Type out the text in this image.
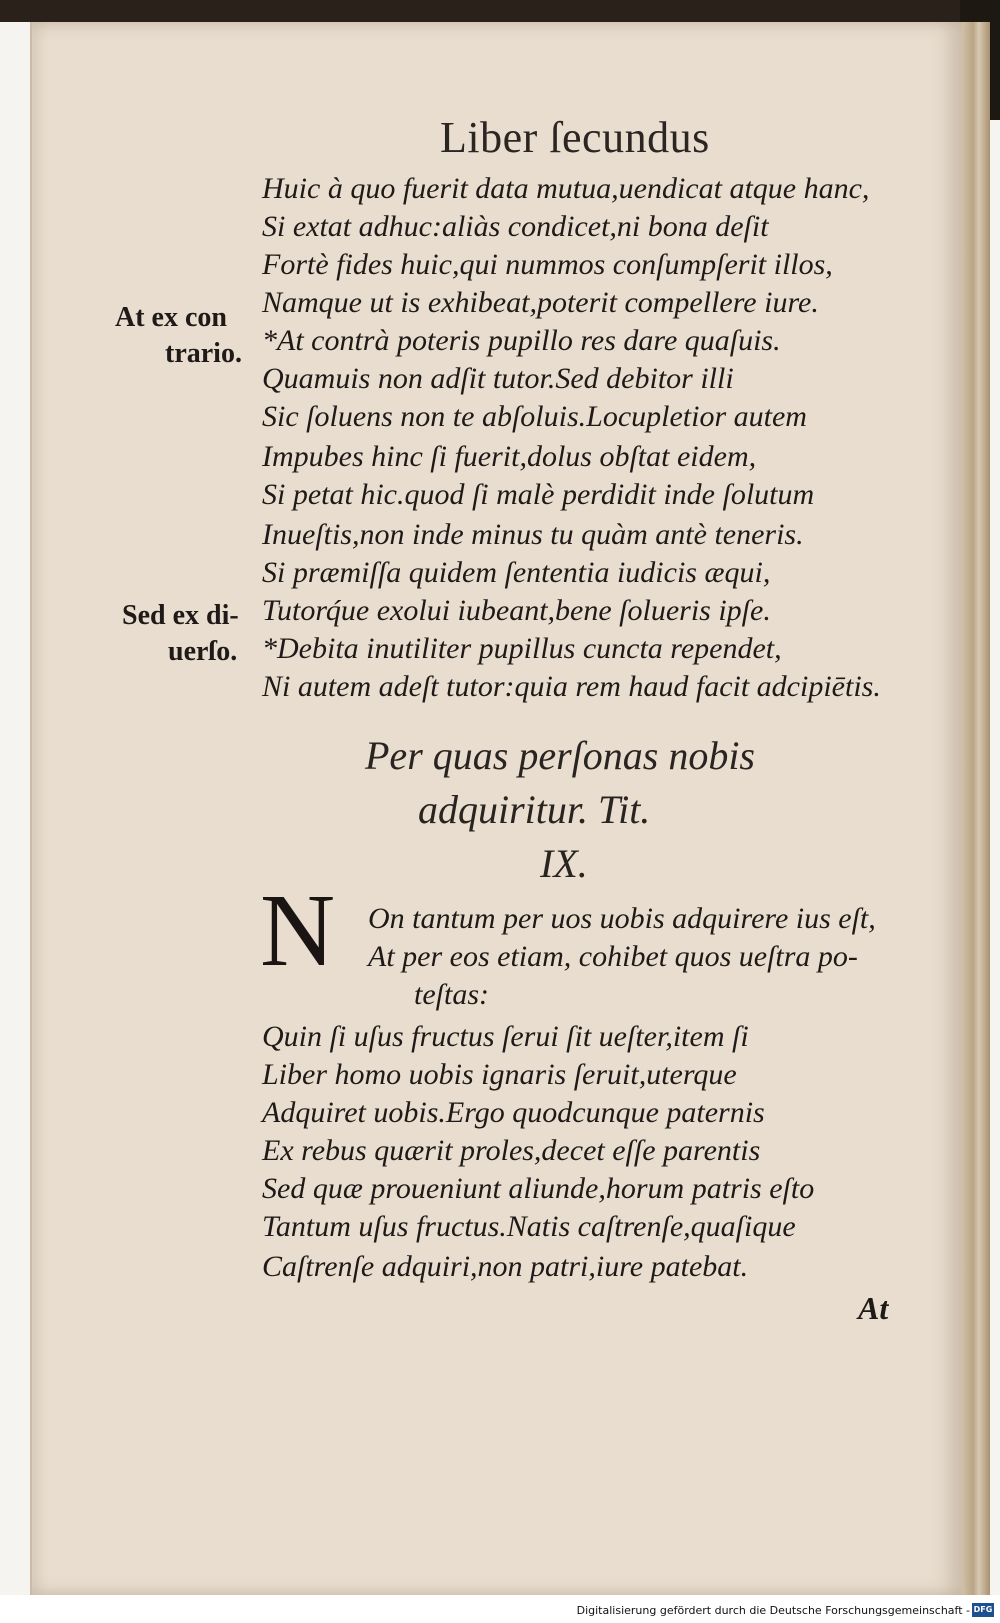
Liber ſecundus
Huic à quo fuerit data mutua,uendicat atque hanc,
Si extat adhuc:aliàs condicet,ni bona deſit
Fortè fides huic,qui nummos conſumpſerit illos,
Namque ut is exhibeat,poterit compellere iure.
*At contrà poteris pupillo res dare quaſuis.
Quamuis non adſit tutor.Sed debitor illi
Sic ſoluens non te abſoluis.Locupletior autem
Impubes hinc ſi fuerit,dolus obſtat eidem,
Si petat hic.quod ſi malè perdidit inde ſolutum
Inueſtis,non inde minus tu quàm antè teneris.
Si præmiſſa quidem ſententia iudicis æqui,
Tutorq́ue exolui iubeant,bene ſolueris ipſe.
*Debita inutiliter pupillus cuncta rependet,
Ni autem adeſt tutor:quia rem haud facit adcipiētis.
At ex con
trario.
Sed ex di-
uerſo.
Per quas perſonas nobis
adquiritur. Tit.
IX.
N On tantum per uos uobis adquirere ius eſt,
At per eos etiam, cohibet quos ueſtra po-
teſtas:
Quin ſi uſus fructus ſerui ſit ueſter,item ſi
Liber homo uobis ignaris ſeruit,uterque
Adquiret uobis.Ergo quodcunque paternis
Ex rebus quærit proles,decet eſſe parentis
Sed quæ proueniunt aliunde,horum patris eſto
Tantum uſus fructus.Natis caſtrenſe,quaſique
Caſtrenſe adquiri,non patri,iure patebat.
At
Digitalisierung gefördert durch die Deutsche Forschungsgemeinschaft - DFG
